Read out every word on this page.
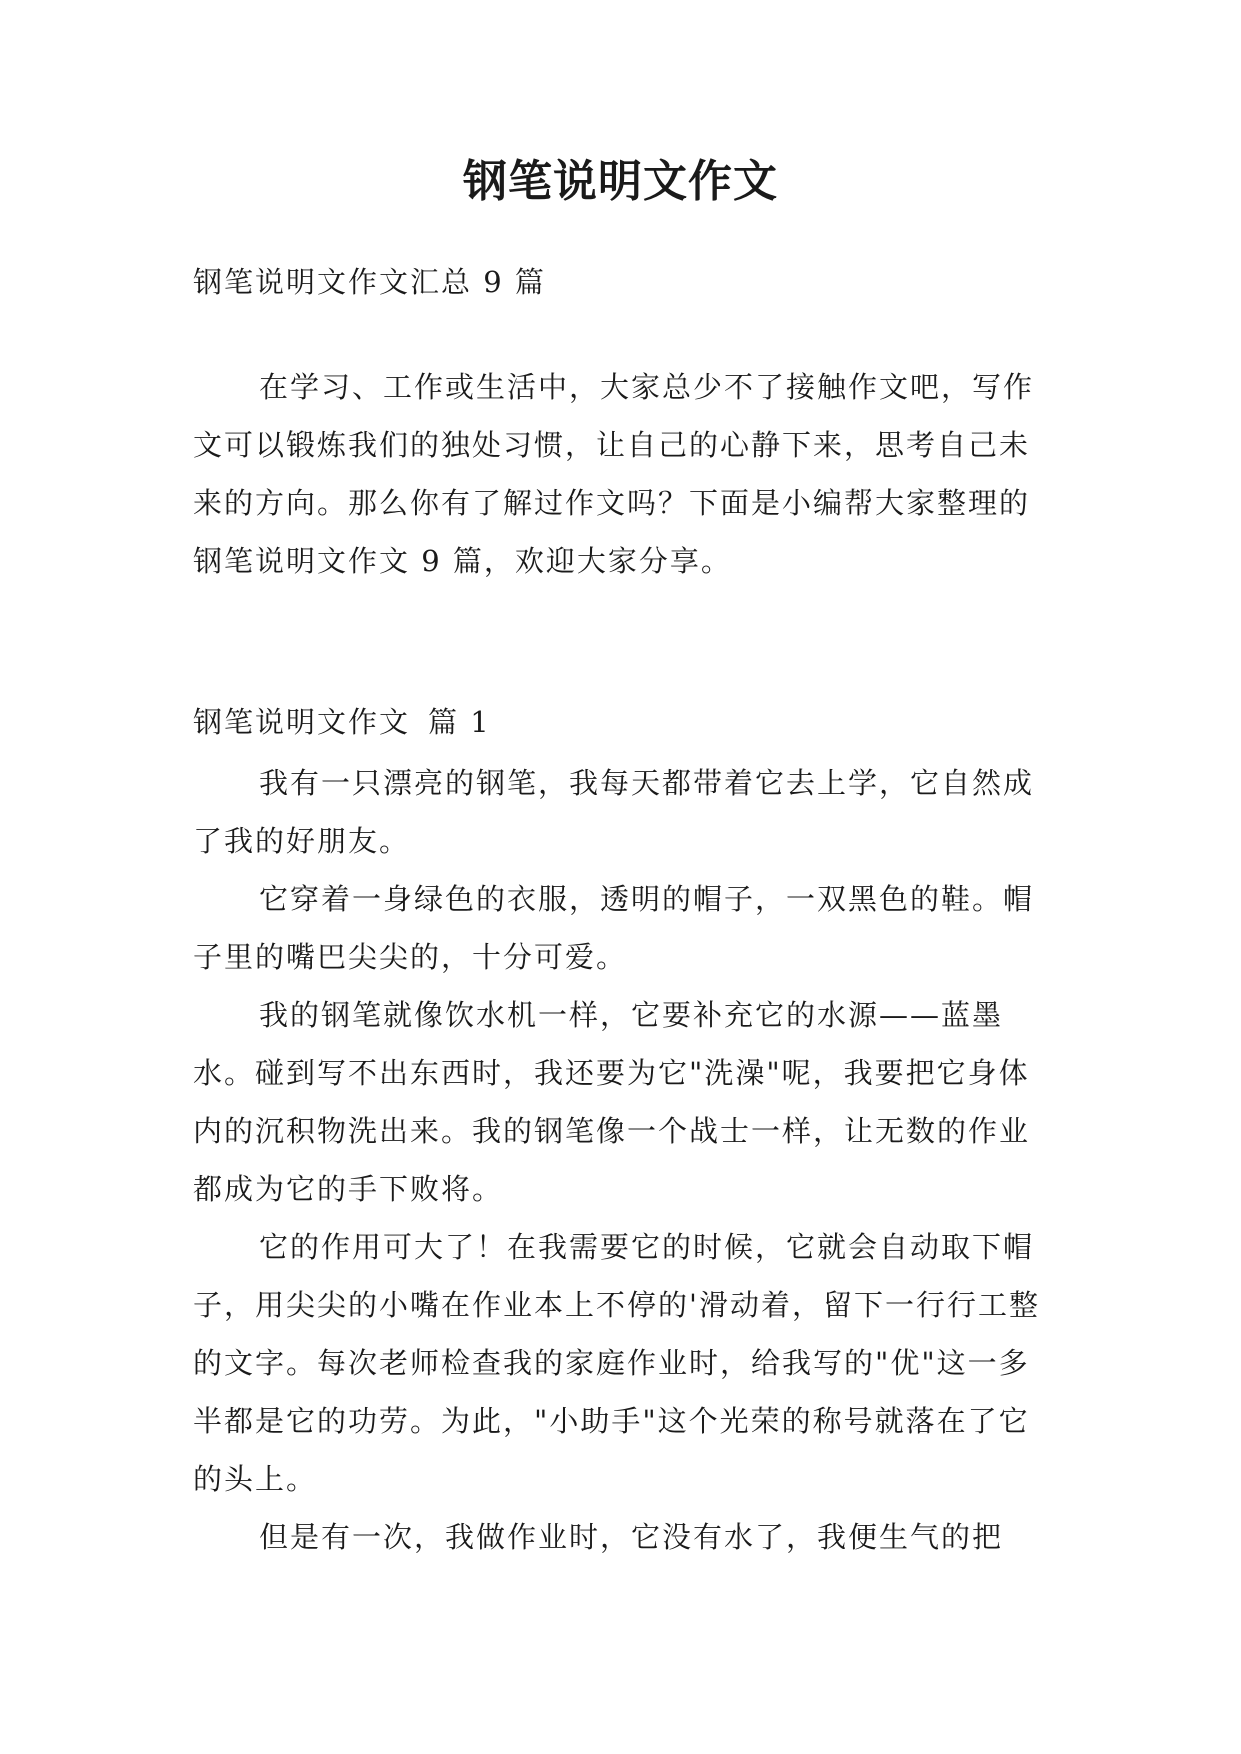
钢笔说明文作文
钢笔说明文作文汇总 9 篇

在学习、工作或生活中，大家总少不了接触作文吧，写作文可以锻炼我们的独处习惯，让自己的心静下来，思考自己未来的方向。那么你有了解过作文吗？下面是小编帮大家整理的钢笔说明文作文 9 篇，欢迎大家分享。

钢笔说明文作文 篇 1

我有一只漂亮的钢笔，我每天都带着它去上学，它自然成了我的好朋友。

它穿着一身绿色的衣服，透明的帽子，一双黑色的鞋。帽子里的嘴巴尖尖的，十分可爱。

我的钢笔就像饮水机一样，它要补充它的水源——蓝墨水。碰到写不出东西时，我还要为它"洗澡"呢，我要把它身体内的沉积物洗出来。我的钢笔像一个战士一样，让无数的作业都成为它的手下败将。

它的作用可大了！在我需要它的时候，它就会自动取下帽子，用尖尖的小嘴在作业本上不停的'滑动着，留下一行行工整的文字。每次老师检查我的家庭作业时，给我写的"优"这一多半都是它的功劳。为此，"小助手"这个光荣的称号就落在了它的头上。

但是有一次，我做作业时，它没有水了，我便生气的把
